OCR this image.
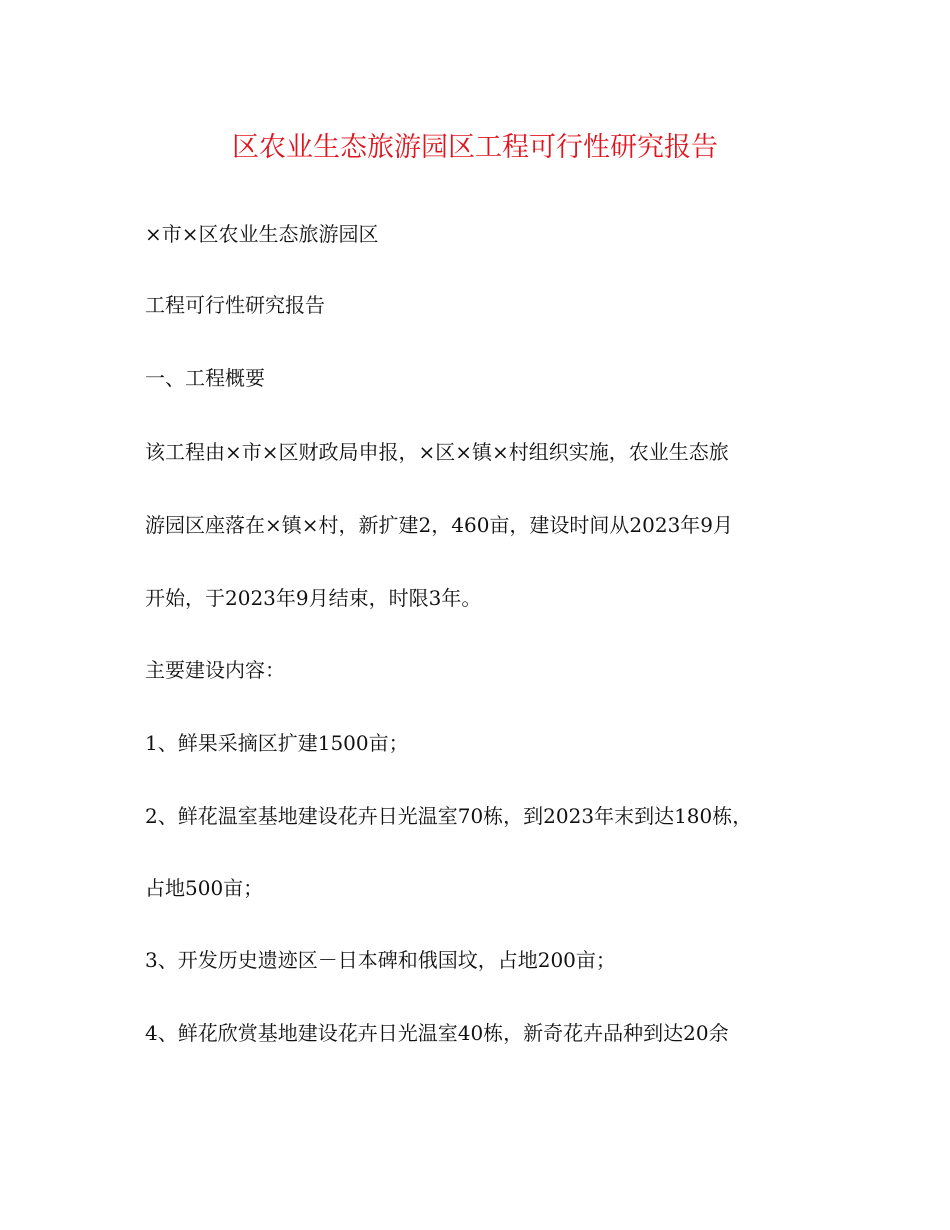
区农业生态旅游园区工程可行性研究报告
×市×区农业生态旅游园区
工程可行性研究报告
一、工程概要
该工程由×市×区财政局申报，×区×镇×村组织实施，农业生态旅
游园区座落在×镇×村，新扩建2，460亩，建设时间从2023年9月
开始，于2023年9月结束，时限3年。
主要建设内容：
1、鲜果采摘区扩建1500亩；
2、鲜花温室基地建设花卉日光温室70栋，到2023年末到达180栋，
占地500亩；
3、开发历史遗迹区－日本碑和俄国坟，占地200亩；
4、鲜花欣赏基地建设花卉日光温室40栋，新奇花卉品种到达20余
